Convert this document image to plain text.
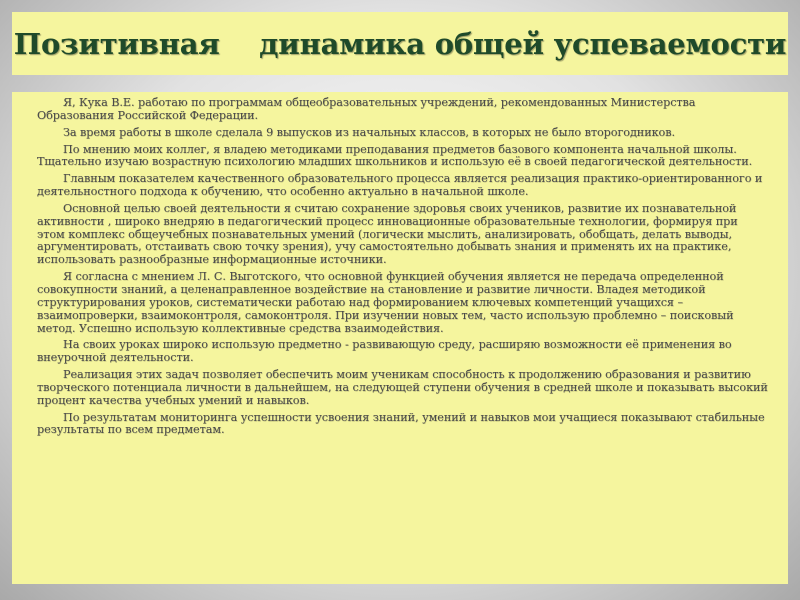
Позитивная    динамика общей успеваемости

Я, Кука В.Е. работаю по программам общеобразовательных учреждений, рекомендованных Министерства Образования Российской Федерации.

За время работы в школе сделала 9 выпусков из начальных классов, в которых не было второгодников.

По мнению моих коллег, я владею методиками преподавания предметов базового компонента начальной школы. Тщательно изучаю возрастную психологию младших школьников и использую её в своей педагогической деятельности.

Главным показателем качественного образовательного процесса является реализация практико-ориентированного и деятельностного подхода к обучению, что особенно актуально в начальной школе.

Основной целью своей деятельности я считаю сохранение здоровья своих учеников, развитие их познавательной активности , широко внедряю в педагогический процесс инновационные образовательные технологии, формируя при этом комплекс общеучебных познавательных умений (логически мыслить, анализировать, обобщать, делать выводы, аргументировать, отстаивать свою точку зрения), учу самостоятельно добывать знания и применять их на практике, использовать разнообразные информационные источники.

Я согласна с мнением Л. С. Выготского, что основной функцией обучения является не передача определенной совокупности знаний, а целенаправленное воздействие на становление и развитие личности. Владея методикой структурирования уроков, систематически работаю над формированием ключевых компетенций учащихся – взаимопроверки, взаимоконтроля, самоконтроля. При изучении новых тем, часто использую проблемно – поисковый метод. Успешно использую коллективные средства взаимодействия.

На своих уроках широко использую предметно - развивающую среду, расширяю возможности её применения во внеурочной деятельности.

Реализация этих задач позволяет обеспечить моим ученикам способность к продолжению образования и развитию творческого потенциала личности в дальнейшем, на следующей ступени обучения в средней школе и показывать высокий процент качества учебных умений и навыков.

По результатам мониторинга успешности усвоения знаний, умений и навыков мои учащиеся показывают стабильные результаты по всем предметам.
